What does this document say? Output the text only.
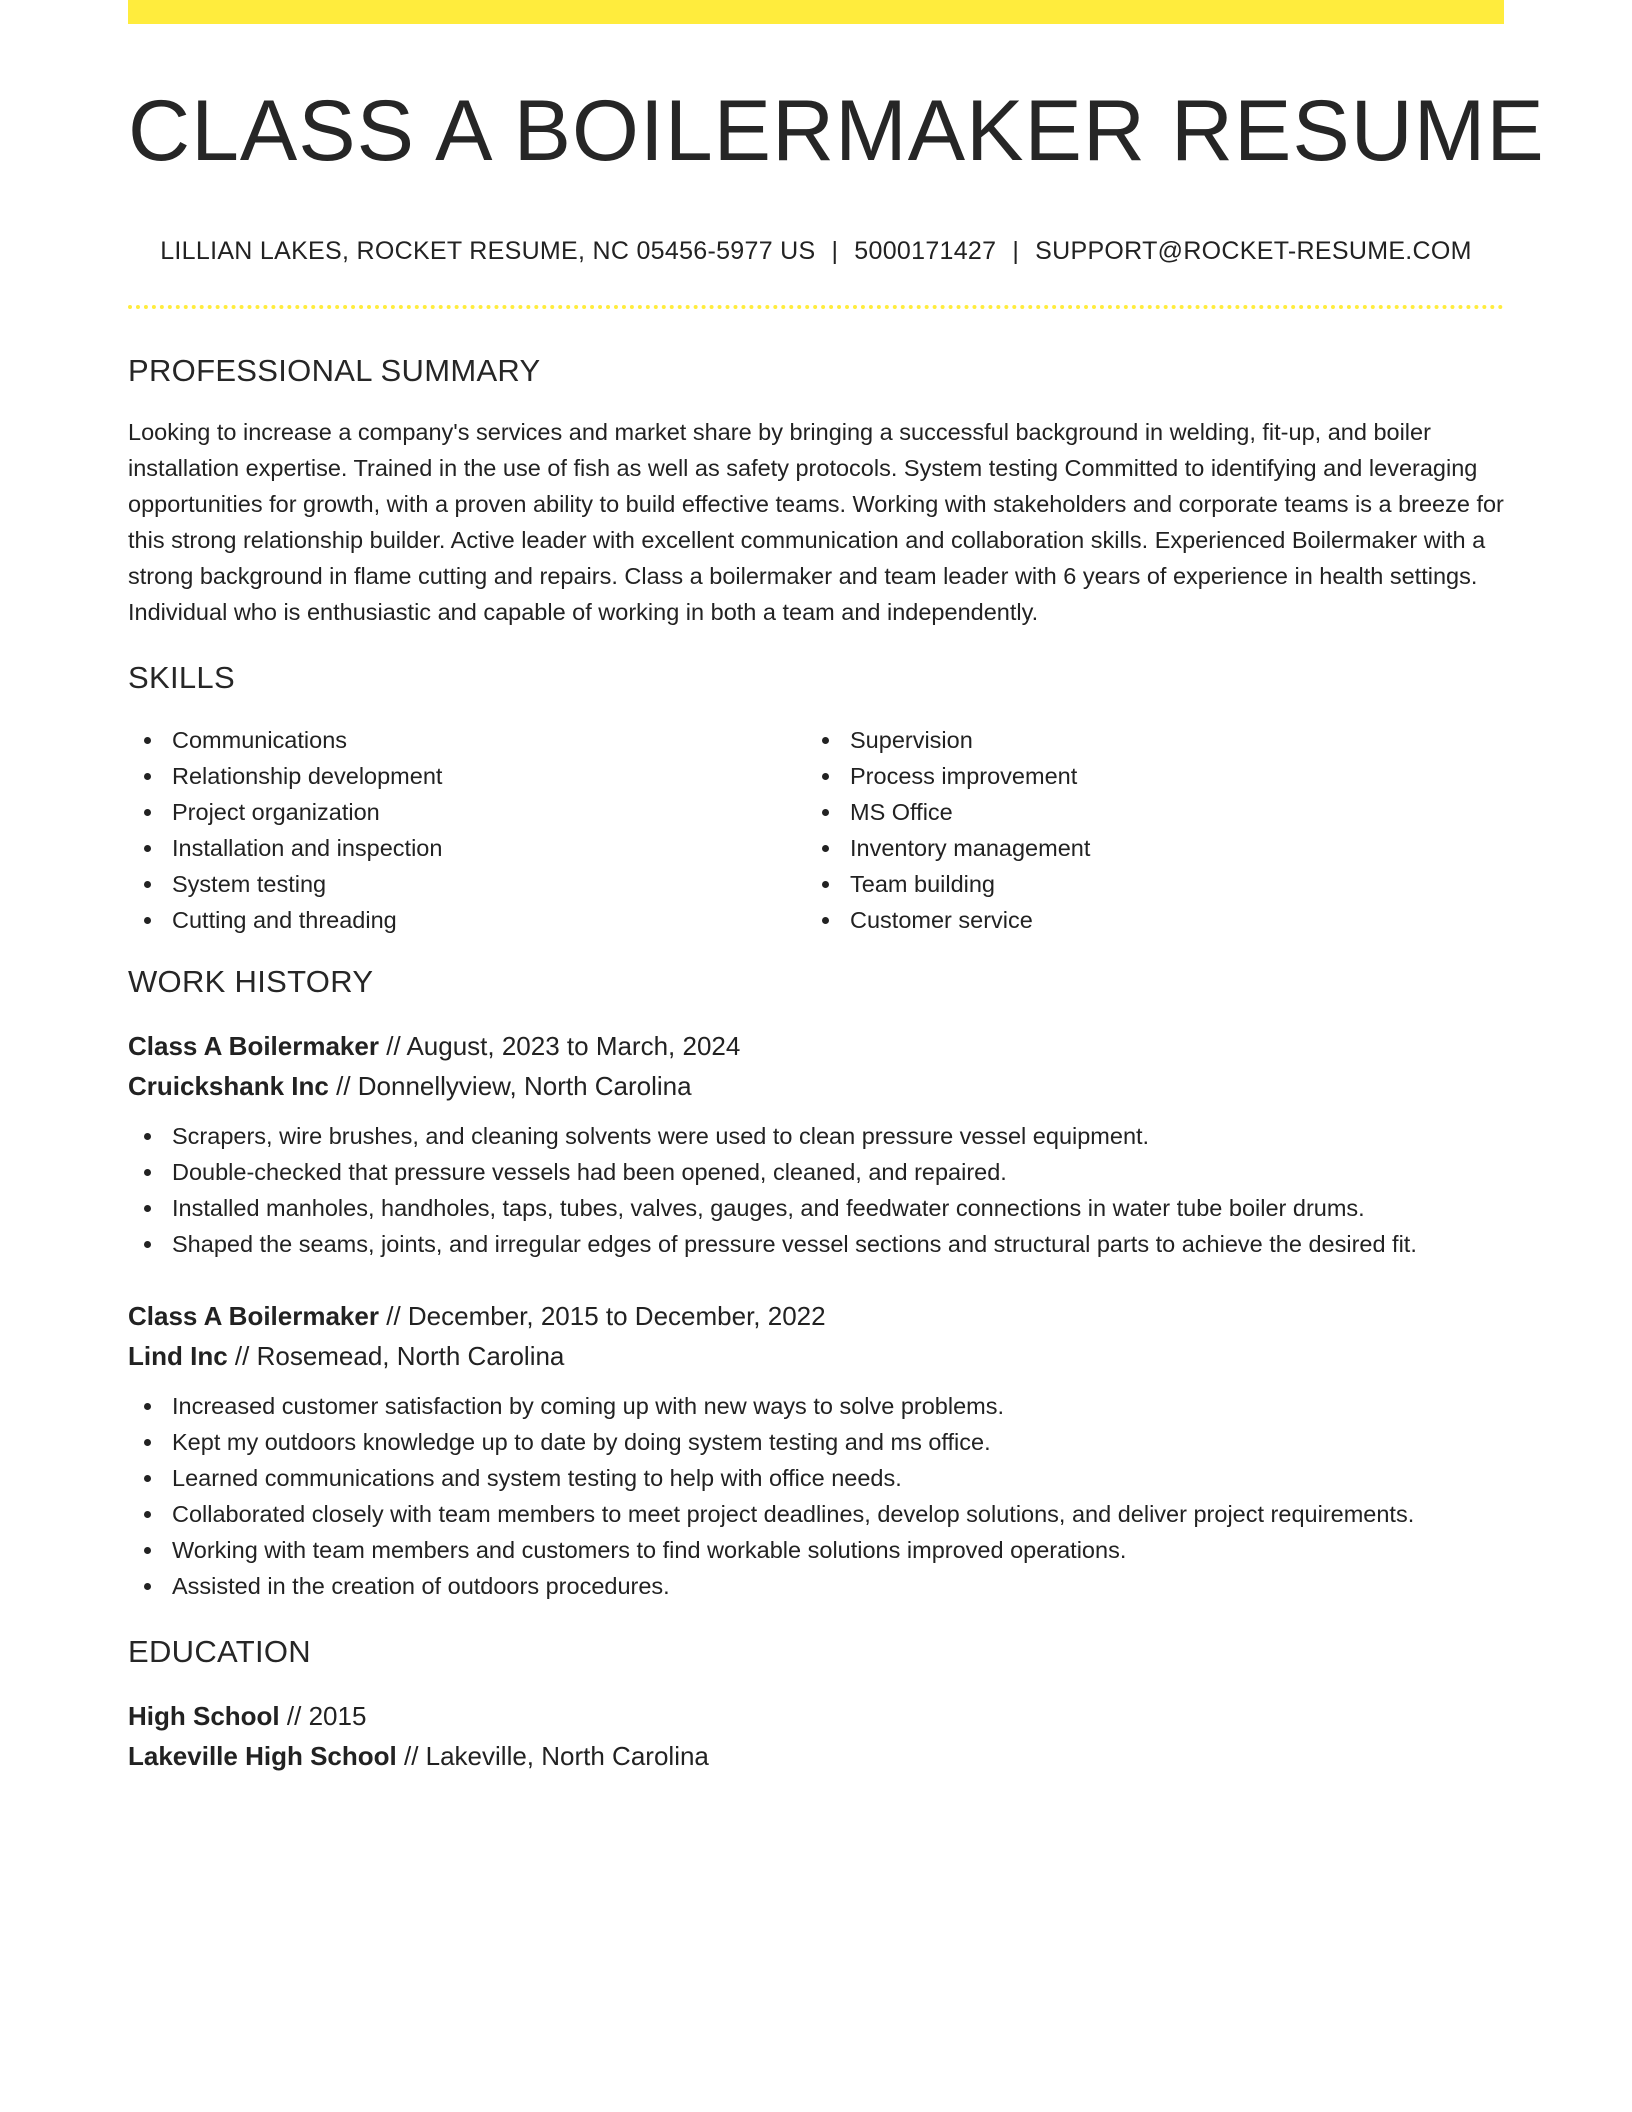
CLASS A BOILERMAKER RESUME
LILLIAN LAKES, ROCKET RESUME, NC 05456-5977 US | 5000171427 | SUPPORT@ROCKET-RESUME.COM
PROFESSIONAL SUMMARY

Looking to increase a company's services and market share by bringing a successful background in welding, fit-up, and boiler installation expertise. Trained in the use of fish as well as safety protocols. System testing Committed to identifying and leveraging opportunities for growth, with a proven ability to build effective teams. Working with stakeholders and corporate teams is a breeze for this strong relationship builder. Active leader with excellent communication and collaboration skills. Experienced Boilermaker with a strong background in flame cutting and repairs. Class a boilermaker and team leader with 6 years of experience in health settings. Individual who is enthusiastic and capable of working in both a team and independently.

SKILLS
Communications
Relationship development
Project organization
Installation and inspection
System testing
Cutting and threading
Supervision
Process improvement
MS Office
Inventory management
Team building
Customer service
WORK HISTORY
Class A Boilermaker // August, 2023 to March, 2024
Cruickshank Inc // Donnellyview, North Carolina
Scrapers, wire brushes, and cleaning solvents were used to clean pressure vessel equipment.
Double-checked that pressure vessels had been opened, cleaned, and repaired.
Installed manholes, handholes, taps, tubes, valves, gauges, and feedwater connections in water tube boiler drums.
Shaped the seams, joints, and irregular edges of pressure vessel sections and structural parts to achieve the desired fit.
Class A Boilermaker // December, 2015 to December, 2022
Lind Inc // Rosemead, North Carolina
Increased customer satisfaction by coming up with new ways to solve problems.
Kept my outdoors knowledge up to date by doing system testing and ms office.
Learned communications and system testing to help with office needs.
Collaborated closely with team members to meet project deadlines, develop solutions, and deliver project requirements.
Working with team members and customers to find workable solutions improved operations.
Assisted in the creation of outdoors procedures.
EDUCATION
High School // 2015
Lakeville High School // Lakeville, North Carolina
